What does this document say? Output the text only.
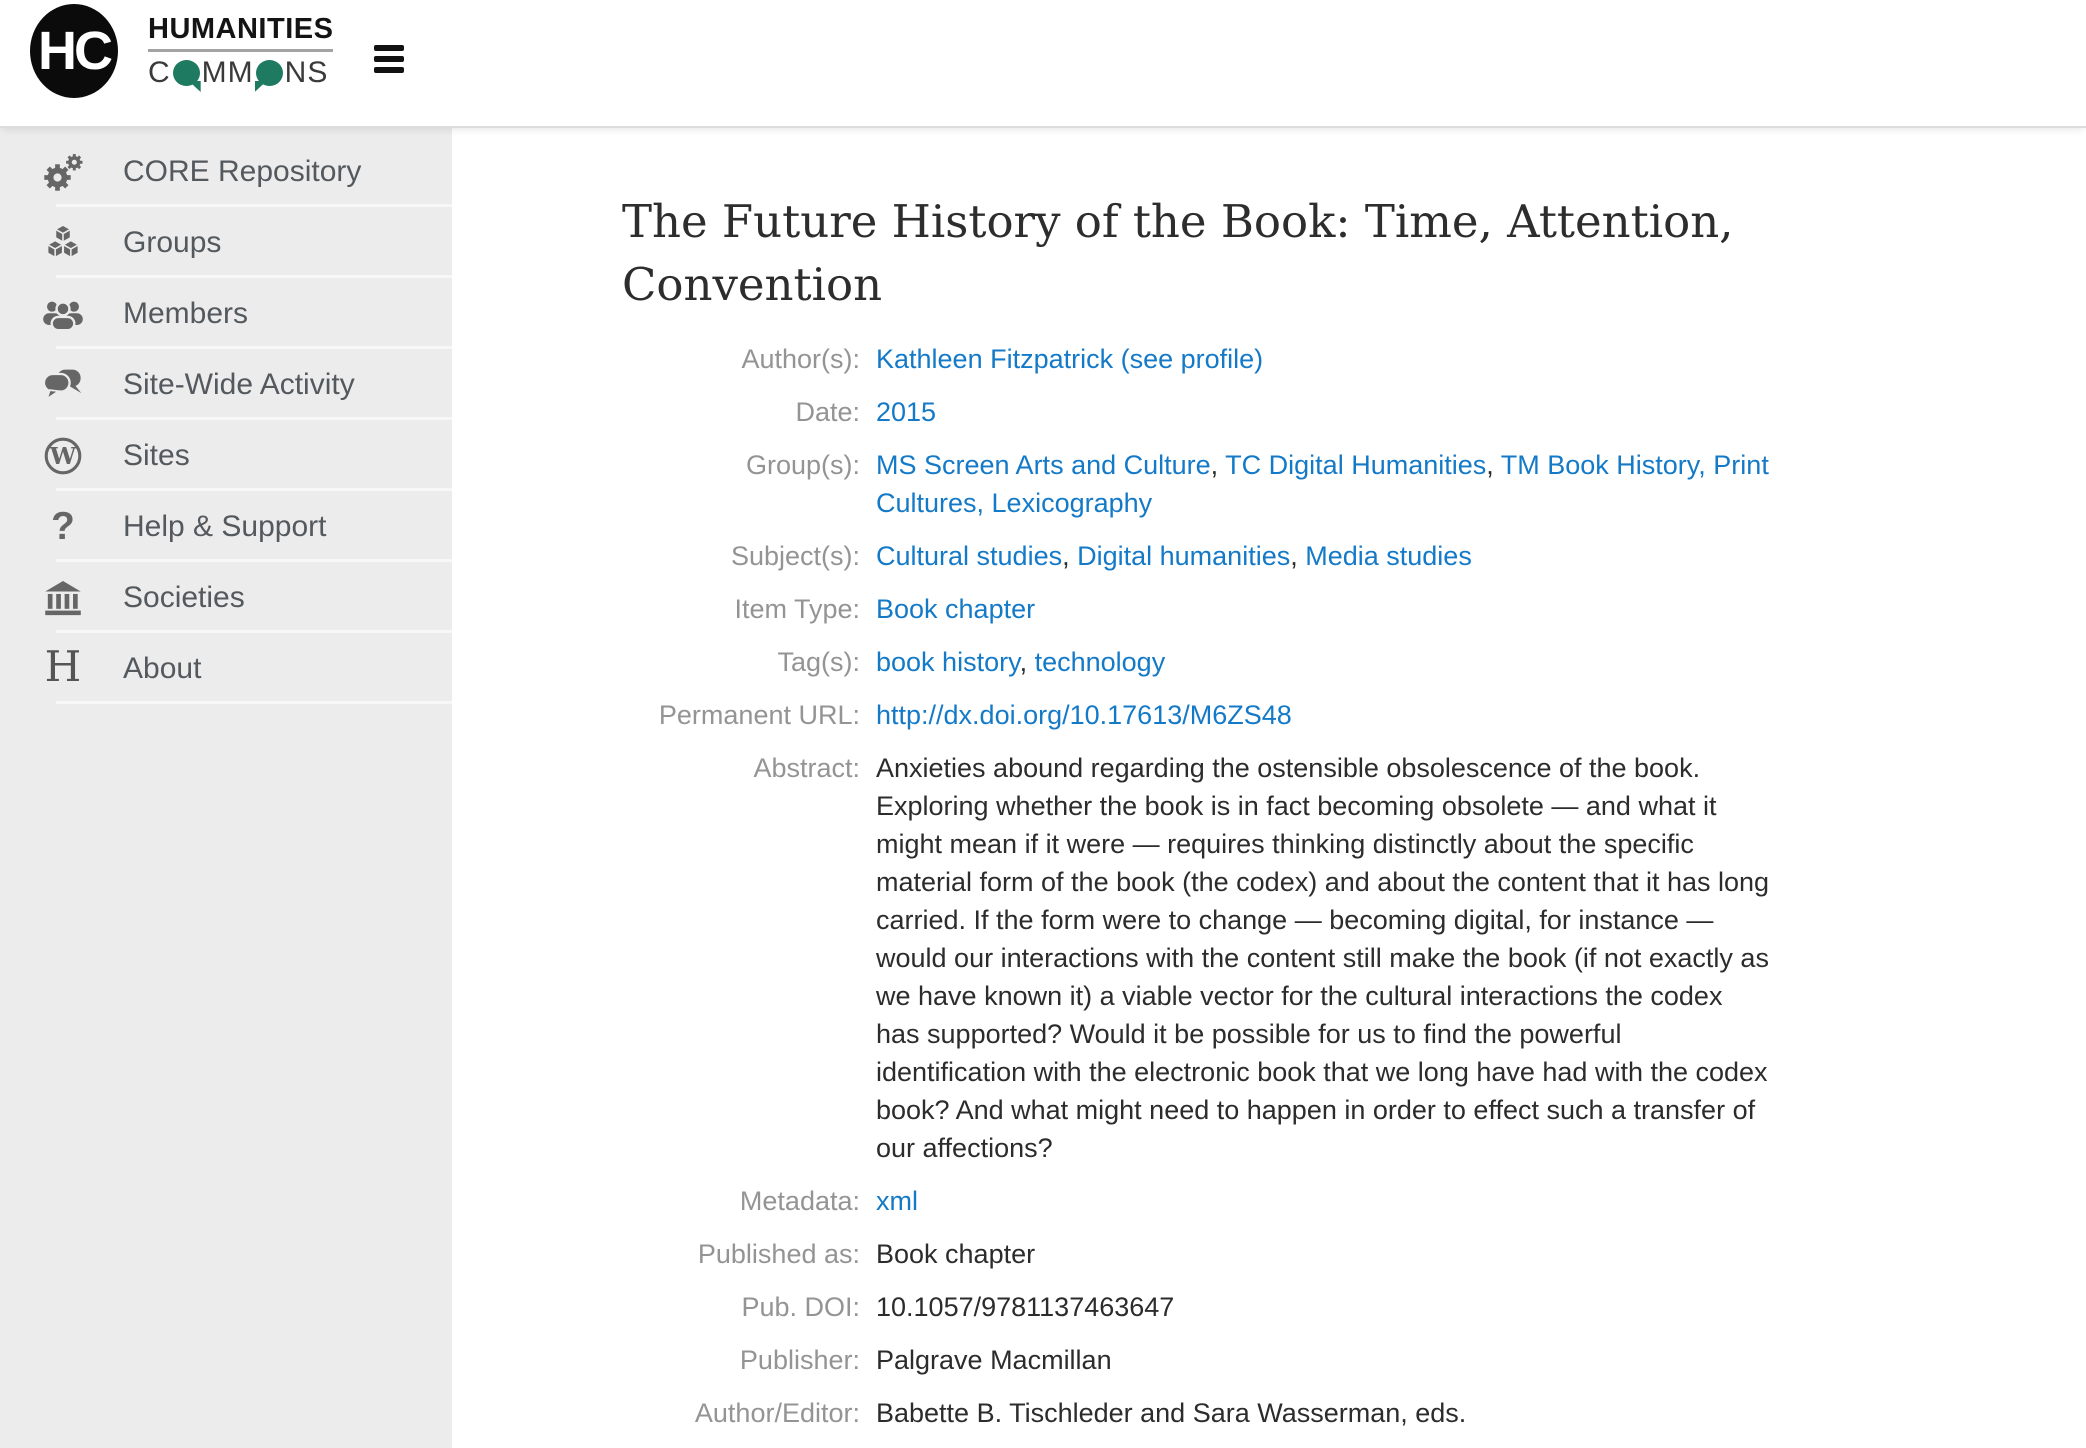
HC HUMANITIES
C MM NS
CORE Repository
Groups
Members
Site-Wide Activity
Sites
Help & Support
Societies
About
The Future History of the Book: Time, Attention, Convention
Author(s): Kathleen Fitzpatrick (see profile)
Date: 2015
Group(s): MS Screen Arts and Culture, TC Digital Humanities, TM Book History, Print Cultures, Lexicography
Subject(s): Cultural studies, Digital humanities, Media studies
Item Type: Book chapter
Tag(s): book history, technology
Permanent URL: http://dx.doi.org/10.17613/M6ZS48
Abstract: Anxieties abound regarding the ostensible obsolescence of the book. Exploring whether the book is in fact becoming obsolete — and what it might mean if it were — requires thinking distinctly about the specific material form of the book (the codex) and about the content that it has long carried. If the form were to change — becoming digital, for instance — would our interactions with the content still make the book (if not exactly as we have known it) a viable vector for the cultural interactions the codex has supported? Would it be possible for us to find the powerful identification with the electronic book that we long have had with the codex book? And what might need to happen in order to effect such a transfer of our affections?
Metadata: xml
Published as: Book chapter
Pub. DOI: 10.1057/9781137463647
Publisher: Palgrave Macmillan
Author/Editor: Babette B. Tischleder and Sara Wasserman, eds.
